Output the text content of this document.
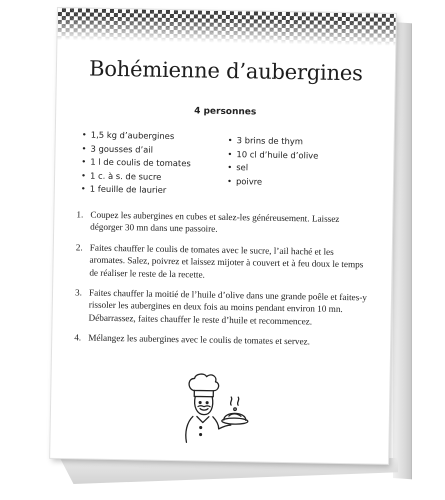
Bohémienne d’aubergines
4 personnes
• 1,5 kg d’aubergines
• 3 gousses d’ail
• 1 l de coulis de tomates
• 1 c. à s. de sucre
• 1 feuille de laurier
• 3 brins de thym
• 10 cl d’huile d’olive
• sel
• poivre
1. Coupez les aubergines en cubes et salez-les généreusement. Laissez dégorger 30 mn dans une passoire.
2. Faites chauffer le coulis de tomates avec le sucre, l’ail haché et les aromates. Salez, poivrez et laissez mijoter à couvert et à feu doux le temps de réaliser le reste de la recette.
3. Faites chauffer la moitié de l’huile d’olive dans une grande poêle et faites-y rissoler les aubergines en deux fois au moins pendant environ 10 mn. Débarrassez, faites chauffer le reste d’huile et recommencez.
4. Mélangez les aubergines avec le coulis de tomates et servez.
